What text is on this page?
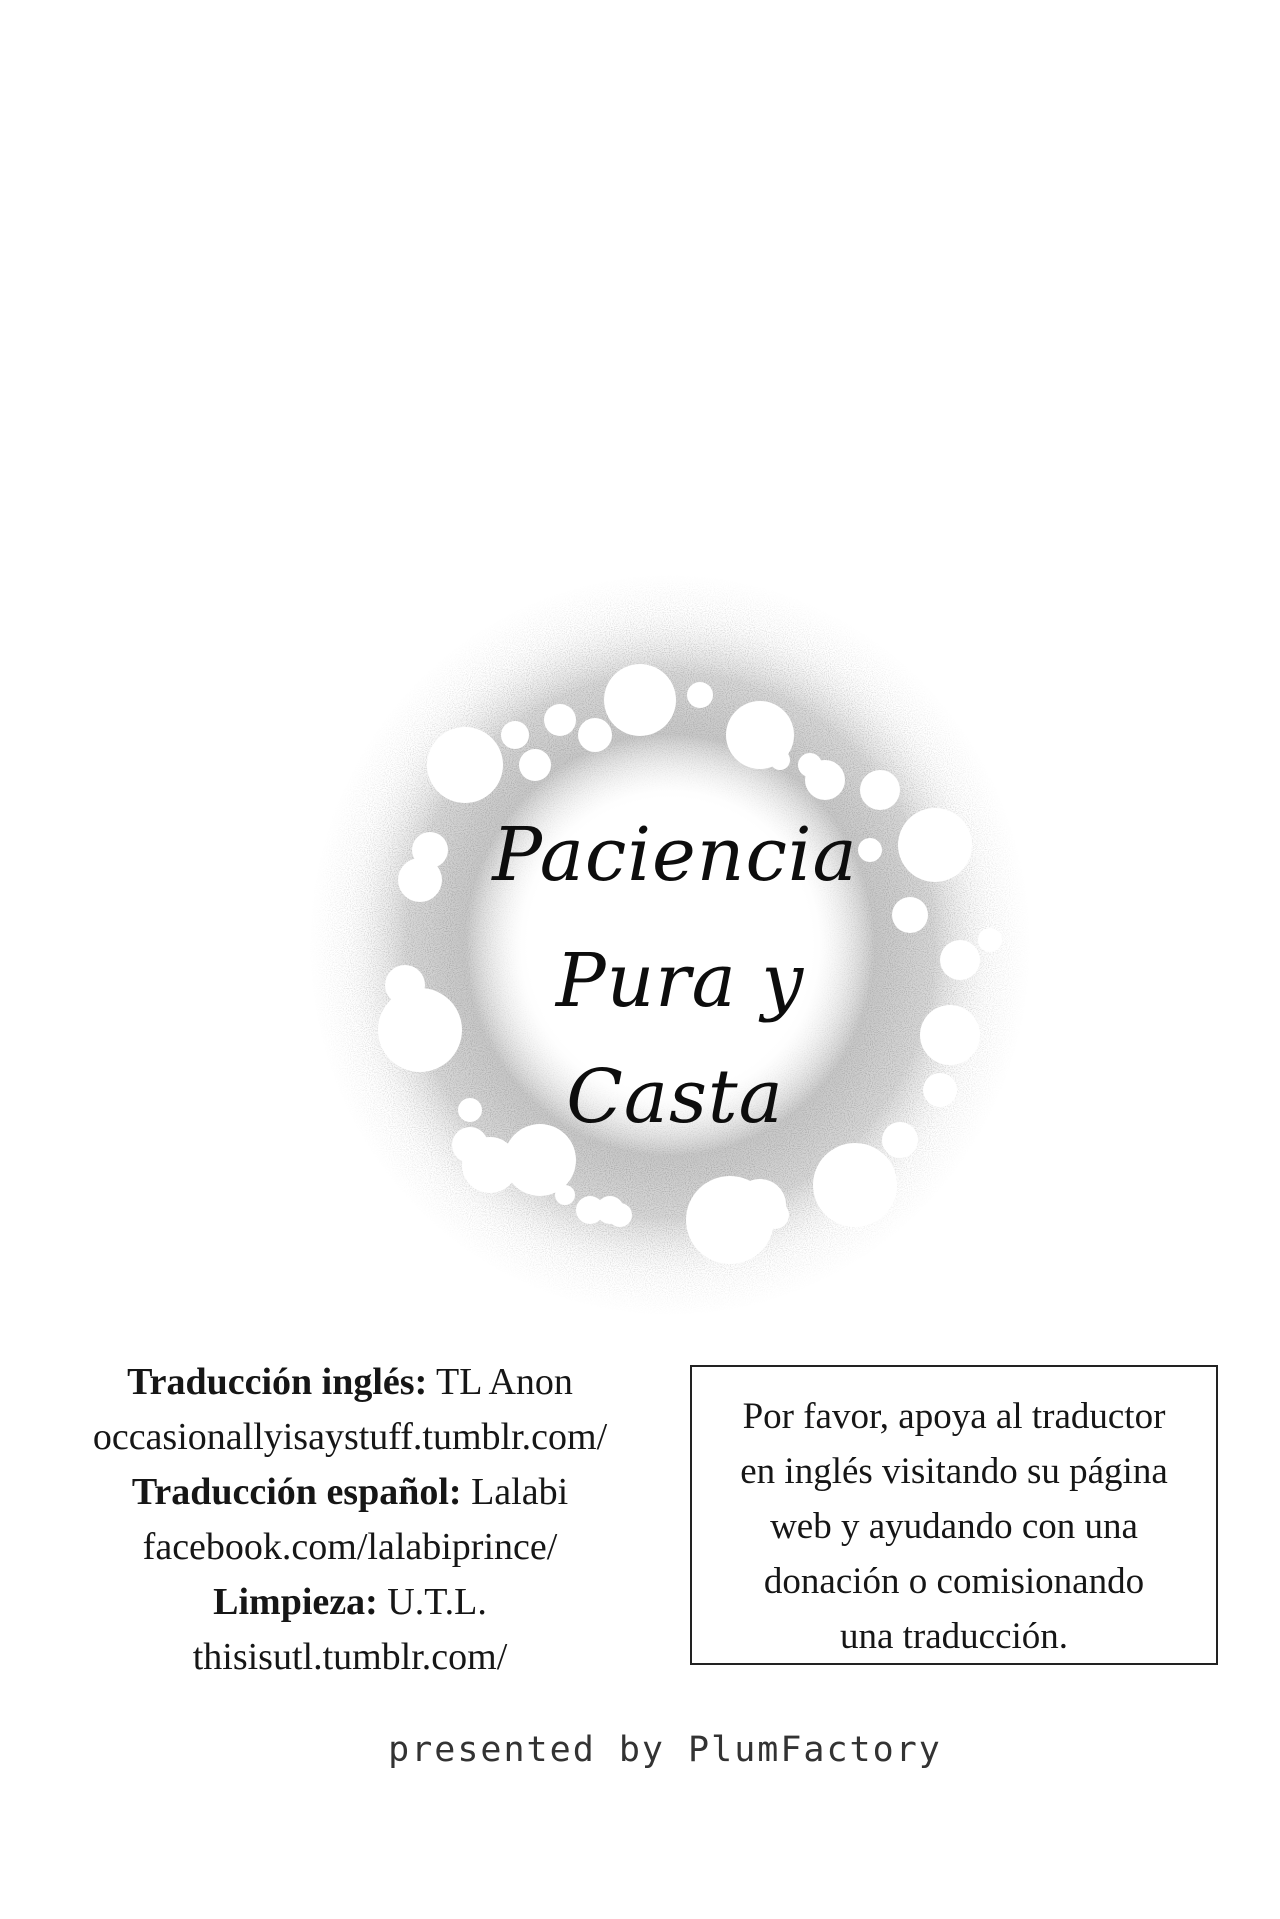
Paciencia
Pura y
Casta
Traducción inglés: TL Anon
occasionallyisaystuff.tumblr.com/
Traducción español: Lalabi
facebook.com/lalabiprince/
Limpieza: U.T.L.
thisisutl.tumblr.com/
Por favor, apoya al traductor
en inglés visitando su página
web y ayudando con una
donación o comisionando
una traducción.
presented by PlumFactory
